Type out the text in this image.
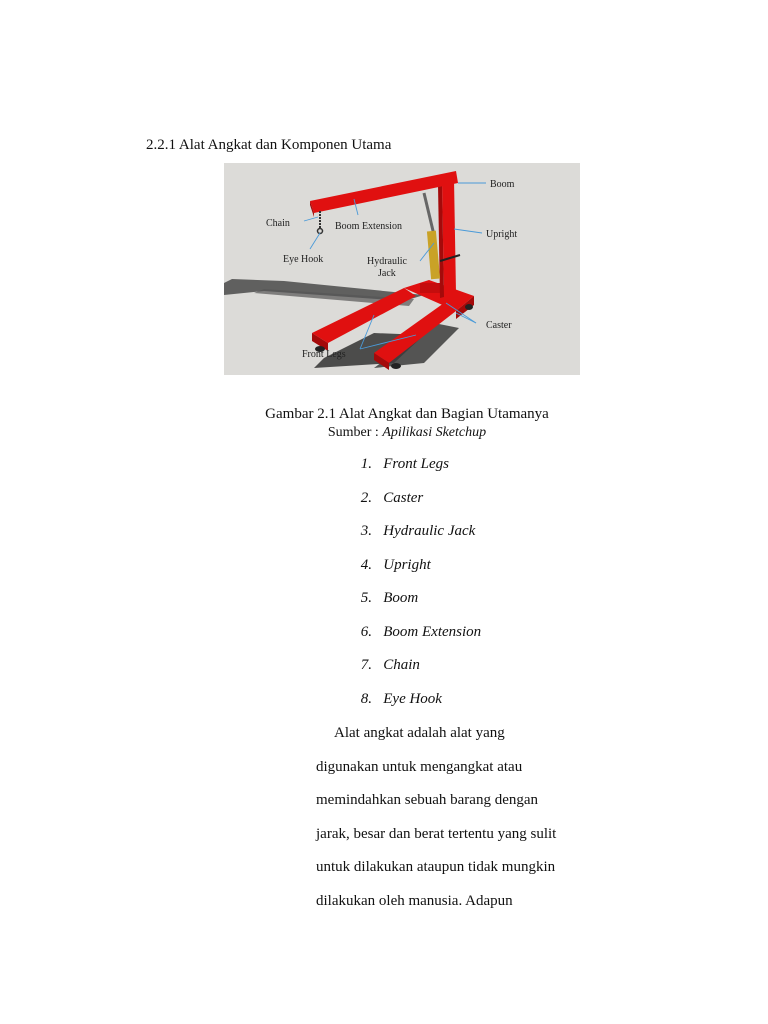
2.2.1 Alat Angkat dan Komponen Utama
Boom
Chain	Boom Extension
Upright
Eye Hook	Hydraulic
Jack
Caster
Front Legs

Gambar 2.1 Alat Angkat dan Bagian Utamanya

Sumber : Apilikasi Sketchup

1.
Front Legs
2.
Caster
3.
Hydraulic Jack
4.
Upright
5.
Boom
6.
Boom Extension
7.
Chain
8.
Eye Hook

Alat angkat adalah alat yang
digunakan untuk mengangkat atau
memindahkan sebuah barang dengan
jarak, besar dan berat tertentu yang sulit
untuk dilakukan ataupun tidak mungkin
dilakukan oleh manusia. Adapun
